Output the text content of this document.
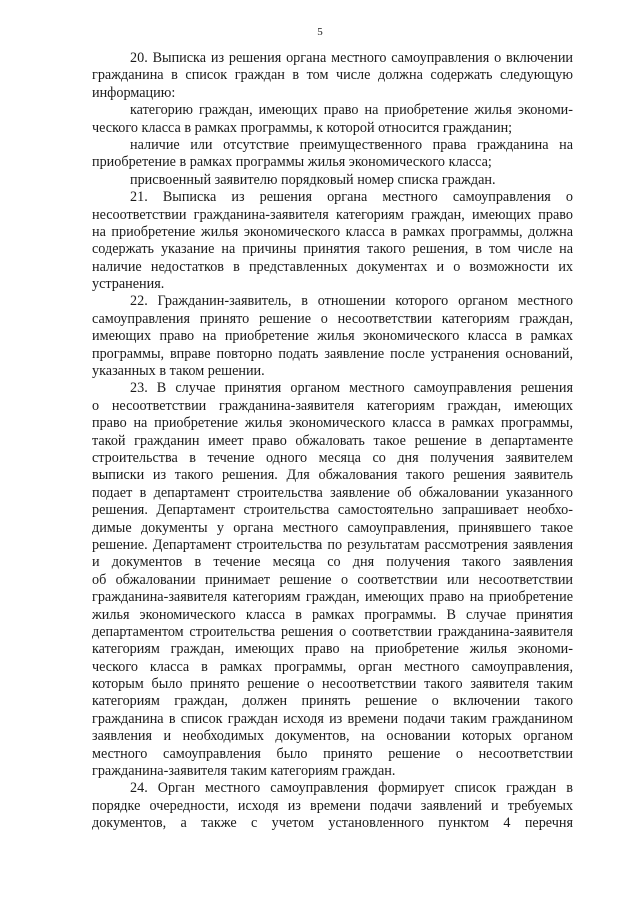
5
20. Выписка из решения органа местного самоуправления о включении
гражданина в список граждан в том числе должна содержать следующую
информацию:
категорию граждан, имеющих право на приобретение жилья экономи-
ческого класса в рамках программы, к которой относится гражданин;
наличие или отсутствие преимущественного права гражданина на
приобретение в рамках программы жилья экономического класса;
присвоенный заявителю порядковый номер списка граждан.
21. Выписка из решения органа местного самоуправления о
несоответствии гражданина-заявителя категориям граждан, имеющих право
на приобретение жилья экономического класса в рамках программы, должна
содержать указание на причины принятия такого решения, в том числе на
наличие недостатков в представленных документах и о возможности их
устранения.
22. Гражданин-заявитель, в отношении которого органом местного
самоуправления принято решение о несоответствии категориям граждан,
имеющих право на приобретение жилья экономического класса в рамках
программы, вправе повторно подать заявление после устранения оснований,
указанных в таком решении.
23. В случае принятия органом местного самоуправления решения
о несоответствии гражданина-заявителя категориям граждан, имеющих
право на приобретение жилья экономического класса в рамках программы,
такой гражданин имеет право обжаловать такое решение в департаменте
строительства в течение одного месяца со дня получения заявителем
выписки из такого решения. Для обжалования такого решения заявитель
подает в департамент строительства заявление об обжаловании указанного
решения. Департамент строительства самостоятельно запрашивает необхо-
димые документы у органа местного самоуправления, принявшего такое
решение. Департамент строительства по результатам рассмотрения заявления
и документов в течение месяца со дня получения такого заявления
об обжаловании принимает решение о соответствии или несоответствии
гражданина-заявителя категориям граждан, имеющих право на приобретение
жилья экономического класса в рамках программы. В случае принятия
департаментом строительства решения о соответствии гражданина-заявителя
категориям граждан, имеющих право на приобретение жилья экономи-
ческого класса в рамках программы, орган местного самоуправления,
которым было принято решение о несоответствии такого заявителя таким
категориям граждан, должен принять решение о включении такого
гражданина в список граждан исходя из времени подачи таким гражданином
заявления и необходимых документов, на основании которых органом
местного самоуправления было принято решение о несоответствии
гражданина-заявителя таким категориям граждан.
24. Орган местного самоуправления формирует список граждан в
порядке очередности, исходя из времени подачи заявлений и требуемых
документов, а также с учетом установленного пунктом 4 перечня
